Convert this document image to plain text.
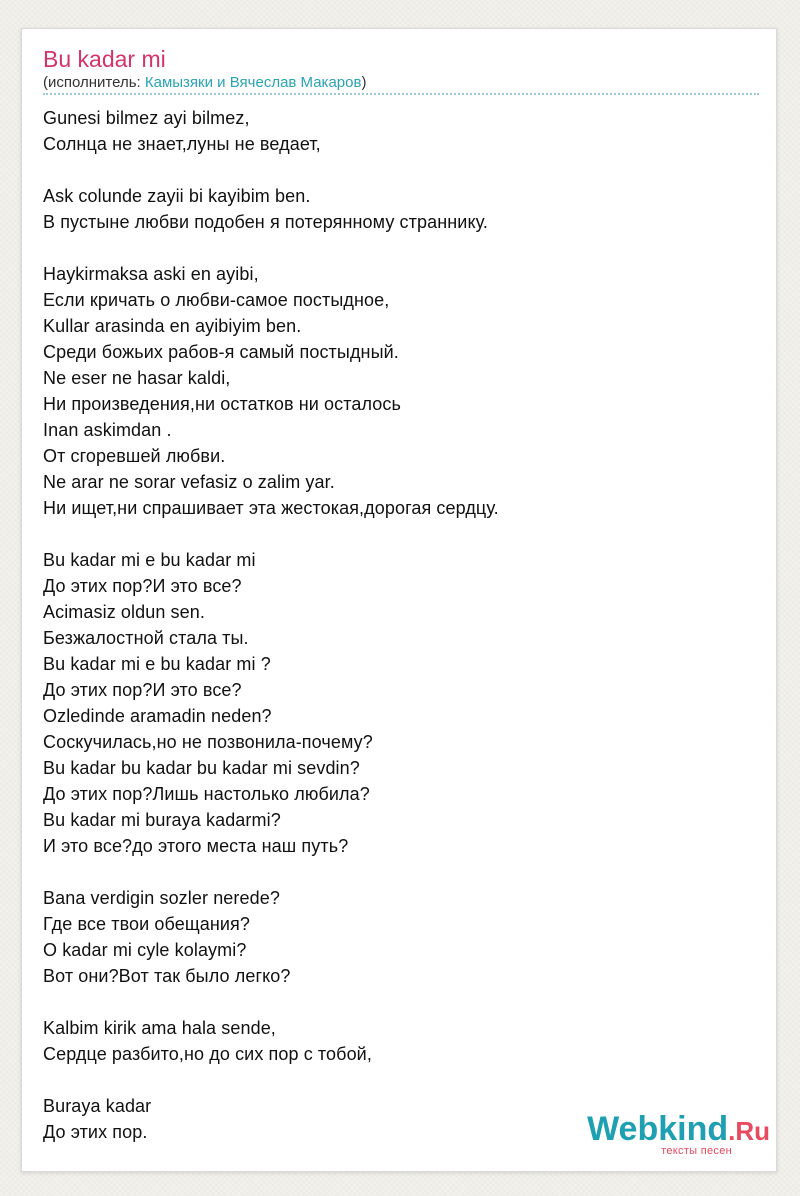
Bu kadar mi
(исполнитель: Камызяки и Вячеслав Макаров)
Gunesi bilmez ayi bilmez,
Солнца не знает,луны не ведает,
Ask colunde zayii bi kayibim ben.
В пустыне любви подобен я потерянному страннику.
Haykirmaksa aski en ayibi,
Если кричать о любви-самое постыдное,
Kullar arasinda en ayibiyim ben.
Среди божьих рабов-я самый постыдный.
Ne eser ne hasar kaldi,
Ни произведения,ни остатков ни осталось
Inan askimdan .
От сгоревшей любви.
Ne arar ne sorar vefasiz o zalim yar.
Ни ищет,ни спрашивает эта жестокая,дорогая сердцу.
Bu kadar mi e bu kadar mi
До этих пор?И это все?
Acimasiz oldun sen.
Безжалостной стала ты.
Bu kadar mi e bu kadar mi ?
До этих пор?И это все?
Ozledinde aramadin neden?
Соскучилась,но не позвонила-почему?
Bu kadar bu kadar bu kadar mi sevdin?
До этих пор?Лишь настолько любила?
Bu kadar mi buraya kadarmi?
И это все?до этого места наш путь?
Bana verdigin sozler nerede?
Где все твои обещания?
O kadar mi cyle kolaymi?
Вот они?Вот так было легко?
Kalbim kirik ama hala sende,
Сердце разбито,но до сих пор с тобой,
Buraya kadar
До этих пор.	Webkind.Ru
тексты песен
